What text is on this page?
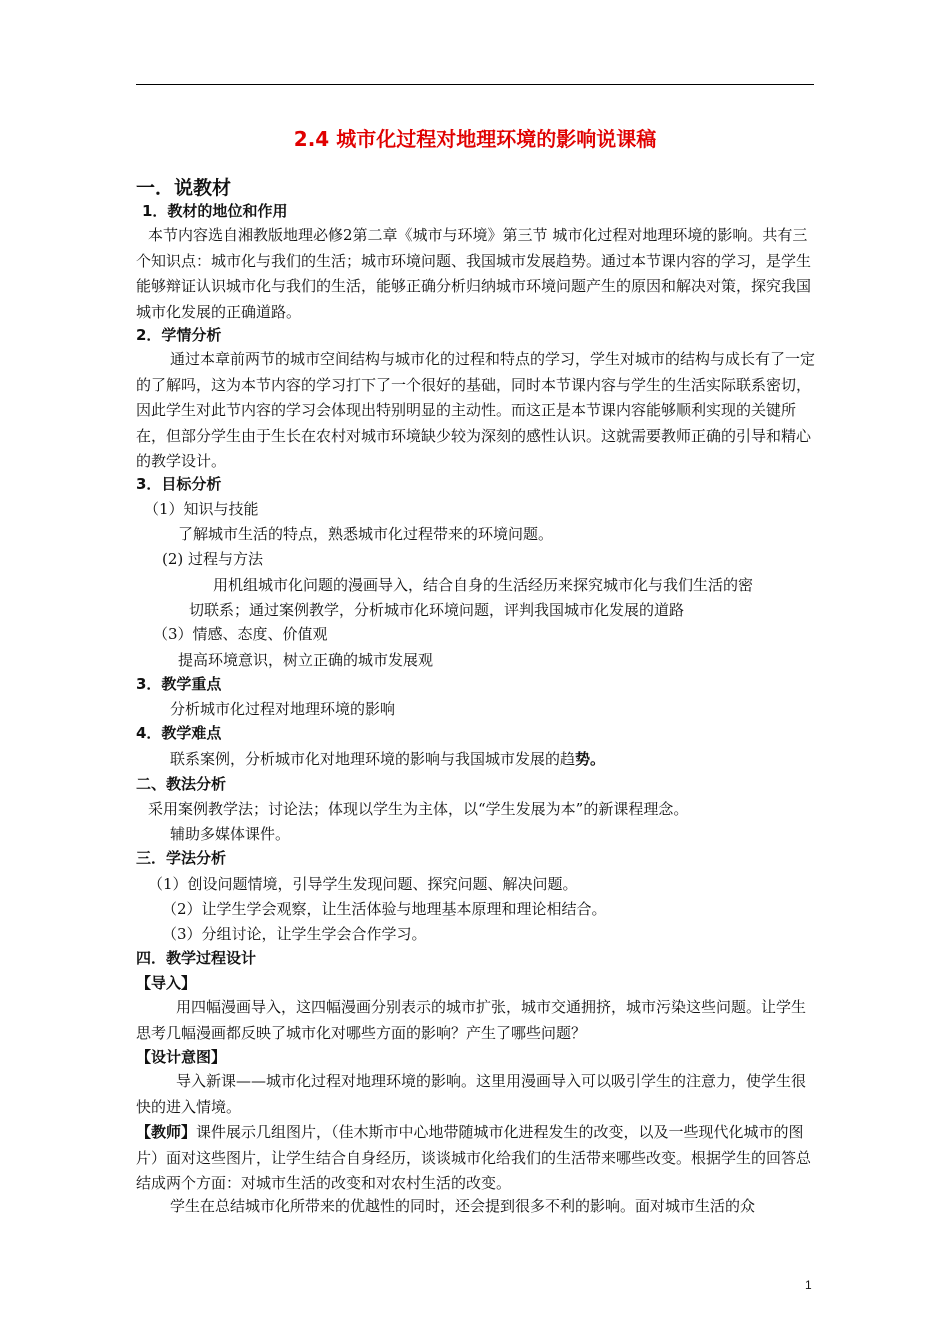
2.4 城市化过程对地理环境的影响说课稿
一．说教材
1．教材的地位和作用
本节内容选自湘教版地理必修2第二章《城市与环境》第三节 城市化过程对地理环境的影响。共有三个知识点：城市化与我们的生活；城市环境问题、我国城市发展趋势。通过本节课内容的学习，是学生能够辩证认识城市化与我们的生活，能够正确分析归纳城市环境问题产生的原因和解决对策，探究我国城市化发展的正确道路。
2．学情分析
通过本章前两节的城市空间结构与城市化的过程和特点的学习，学生对城市的结构与成长有了一定的了解吗，这为本节内容的学习打下了一个很好的基础，同时本节课内容与学生的生活实际联系密切，因此学生对此节内容的学习会体现出特别明显的主动性。而这正是本节课内容能够顺利实现的关键所在，但部分学生由于生长在农村对城市环境缺少较为深刻的感性认识。这就需要教师正确的引导和精心的教学设计。
3．目标分析
（1）知识与技能
了解城市生活的特点，熟悉城市化过程带来的环境问题。
(2) 过程与方法
用机组城市化问题的漫画导入，结合自身的生活经历来探究城市化与我们生活的密
切联系；通过案例教学，分析城市化环境问题，评判我国城市化发展的道路
（3）情感、态度、价值观
提高环境意识，树立正确的城市发展观
3．教学重点
分析城市化过程对地理环境的影响
4．教学难点
联系案例，分析城市化对地理环境的影响与我国城市发展的趋势。
二、教法分析
采用案例教学法；讨论法；体现以学生为主体，以“学生发展为本”的新课程理念。
辅助多媒体课件。
三．学法分析
（1）创设问题情境，引导学生发现问题、探究问题、解决问题。
（2）让学生学会观察，让生活体验与地理基本原理和理论相结合。
（3）分组讨论，让学生学会合作学习。
四．教学过程设计
【导入】
用四幅漫画导入，这四幅漫画分别表示的城市扩张，城市交通拥挤，城市污染这些问题。让学生思考几幅漫画都反映了城市化对哪些方面的影响？产生了哪些问题？
【设计意图】
导入新课——城市化过程对地理环境的影响。这里用漫画导入可以吸引学生的注意力，使学生很快的进入情境。
【教师】课件展示几组图片，（佳木斯市中心地带随城市化进程发生的改变，以及一些现代化城市的图片）面对这些图片，让学生结合自身经历，谈谈城市化给我们的生活带来哪些改变。根据学生的回答总结成两个方面：对城市生活的改变和对农村生活的改变。
学生在总结城市化所带来的优越性的同时，还会提到很多不利的影响。面对城市生活的众
1
